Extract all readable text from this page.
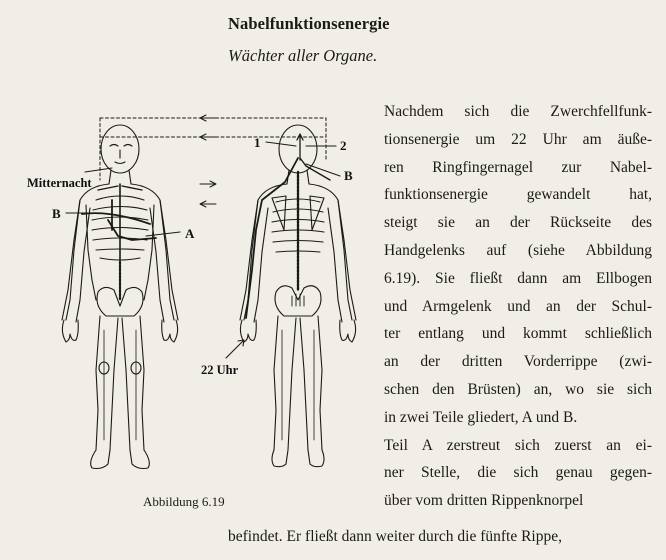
Nabelfunktionsenergie
Wächter aller Organe.
Mitternacht
B
A
22 Uhr
1	2
B
Abbildung 6.19
Nachdem sich die Zwerchfellfunk-
tionsenergie um 22 Uhr am äuße-
ren Ringfingernagel zur Nabel-
funktionsenergie gewandelt hat,
steigt sie an der Rückseite des
Handgelenks auf (siehe Abbildung
6.19). Sie fließt dann am Ellbogen
und Armgelenk und an der Schul-
ter entlang und kommt schließlich
an der dritten Vorderrippe (zwi-
schen den Brüsten) an, wo sie sich
in zwei Teile gliedert, A und B.
Teil A zerstreut sich zuerst an ei-
ner Stelle, die sich genau gegen-
über vom dritten Rippenknorpel
befindet. Er fließt dann weiter durch die fünfte Rippe,
